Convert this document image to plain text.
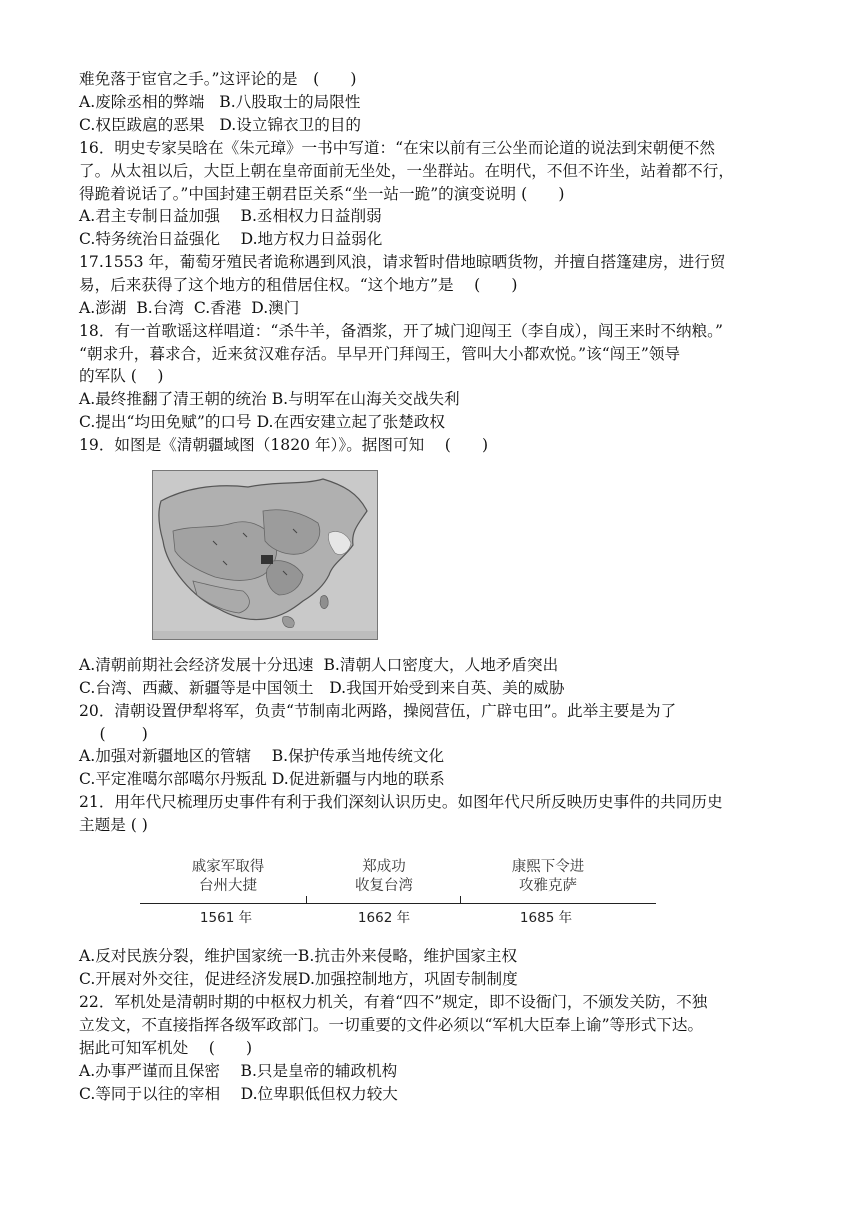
难免落于宦官之手。”这评论的是　(　　)
A.废除丞相的弊端   B.八股取士的局限性
C.权臣跋扈的恶果   D.设立锦衣卫的目的
16．明史专家吴晗在《朱元璋》一书中写道：“在宋以前有三公坐而论道的说法到宋朝便不然
了。从太祖以后，大臣上朝在皇帝面前无坐处，一坐群站。在明代，不但不许坐，站着都不行，
得跪着说话了。”中国封建王朝君臣关系“坐一站一跪”的演变说明 (　　)
A.君主专制日益加强　 B.丞相权力日益削弱
C.特务统治日益强化　 D.地方权力日益弱化
17.1553 年，葡萄牙殖民者诡称遇到风浪，请求暂时借地晾晒货物，并擅自搭篷建房，进行贸
易，后来获得了这个地方的租借居住权。“这个地方”是　 (　　)
A.澎湖  B.台湾  C.香港  D.澳门
18．有一首歌谣这样唱道：“杀牛羊，备酒浆，开了城门迎闯王（李自成），闯王来时不纳粮。”
“朝求升，暮求合，近来贫汉难存活。早早开门拜闯王，管叫大小都欢悦。”该“闯王”领导
的军队 (　 )
A.最终推翻了清王朝的统治 B.与明军在山海关交战失利
C.提出“均田免赋”的口号 D.在西安建立起了张楚政权
19．如图是《清朝疆域图（1820 年）》。据图可知　 (　　)
A.清朝前期社会经济发展十分迅速  B.清朝人口密度大，人地矛盾突出
C.台湾、西藏、新疆等是中国领土　D.我国开始受到来自英、美的威胁
20．清朝设置伊犁将军，负责“节制南北两路，操阅营伍，广辟屯田”。此举主要是为了
　 (　　 )
A.加强对新疆地区的管辖　 B.保护传承当地传统文化
C.平定准噶尔部噶尔丹叛乱 D.促进新疆与内地的联系
21．用年代尺梳理历史事件有利于我们深刻认识历史。如图年代尺所反映历史事件的共同历史
主题是 ( )
戚家军取得
台州大捷
郑成功
收复台湾
康熙下令进
攻雅克萨
1561 年	1662 年	1685 年
A.反对民族分裂，维护国家统一B.抗击外来侵略，维护国家主权
C.开展对外交往，促进经济发展D.加强控制地方，巩固专制制度
22．军机处是清朝时期的中枢权力机关，有着“四不”规定，即不设衙门，不颁发关防，不独
立发文，不直接指挥各级军政部门。一切重要的文件必须以“军机大臣奉上谕”等形式下达。
据此可知军机处　 (　　)
A.办事严谨而且保密　 B.只是皇帝的辅政机构
C.等同于以往的宰相　 D.位卑职低但权力较大
